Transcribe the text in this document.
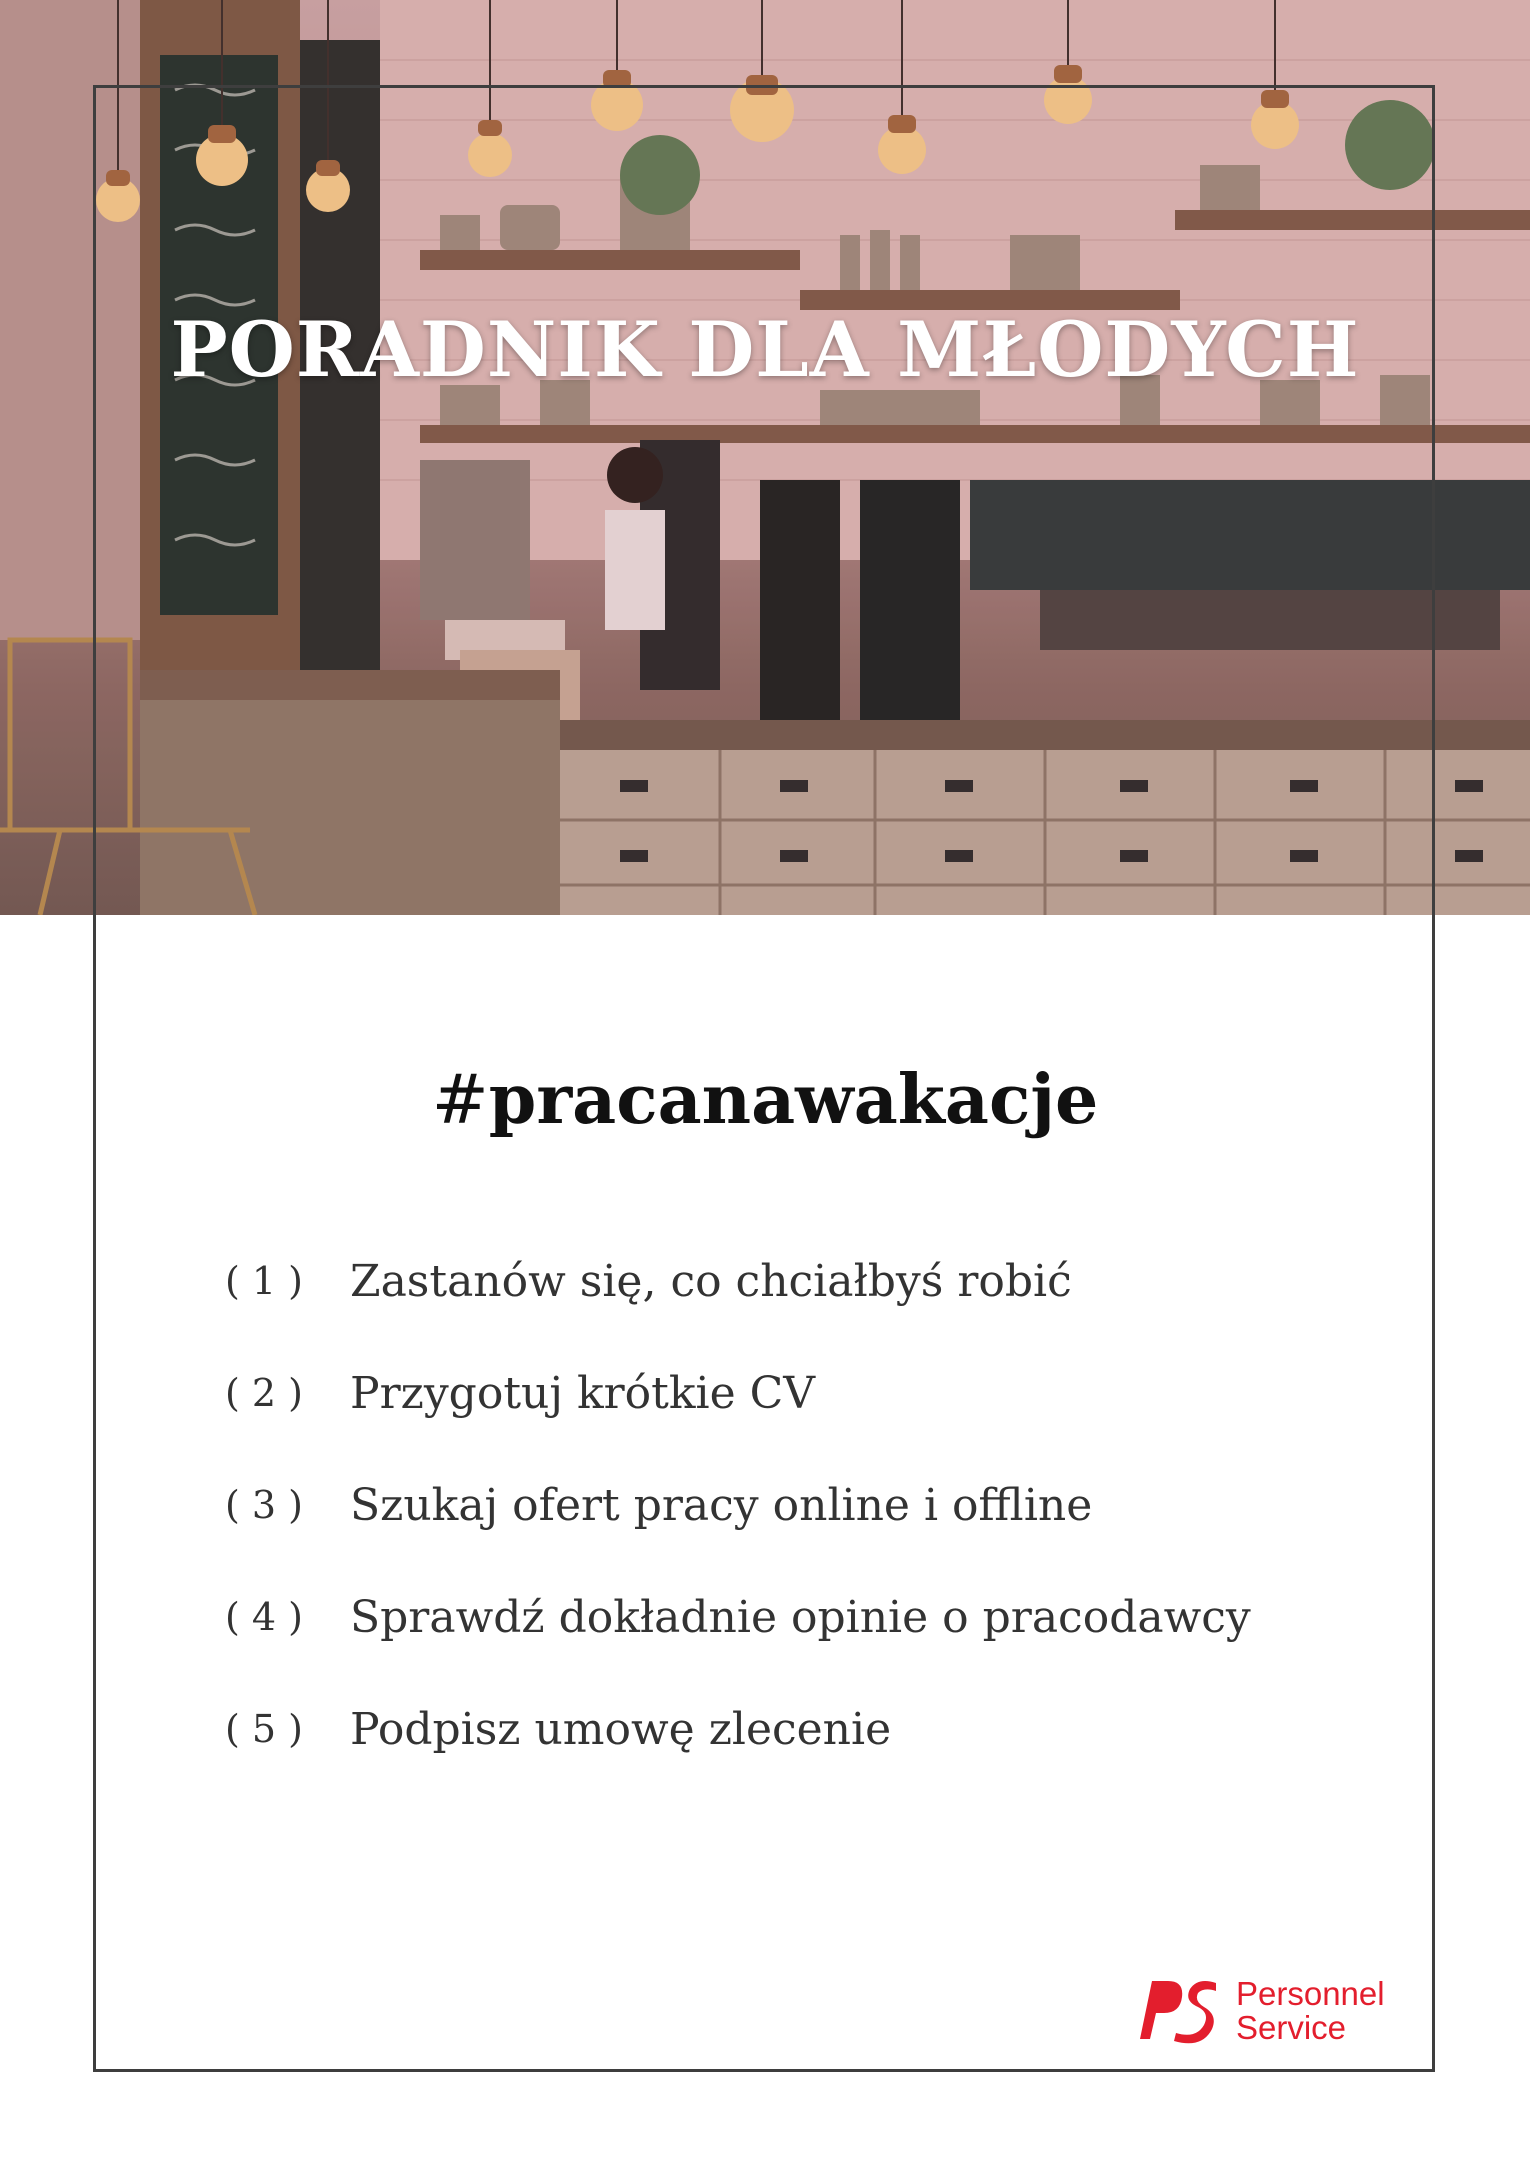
PORADNIK DLA MŁODYCH
#pracanawakacje
( 1 )	Zastanów się, co chciałbyś robić
( 2 )	Przygotuj krótkie CV
( 3 )	Szukaj ofert pracy online i offline
( 4 )	Sprawdź dokładnie opinie o pracodawcy
( 5 )	Podpisz umowę zlecenie
Personnel
Service
